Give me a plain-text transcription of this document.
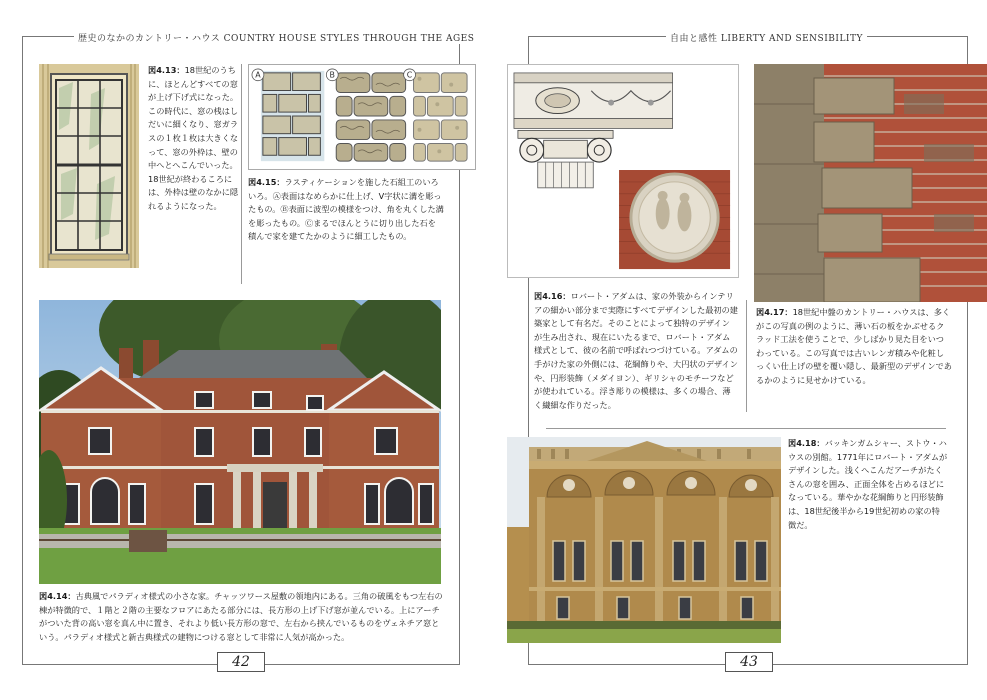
歴史のなかのカントリー・ハウス COUNTRY HOUSE STYLES THROUGH THE AGES
図4.13：18世紀のうちに、ほとんどすべての窓が上げ下げ式になった。この時代に、窓の桟はしだいに細くなり、窓ガラスの１枚１枚は大きくなって、窓の外枠は、壁の中へとへこんでいった。18世紀が終わるころには、外枠は壁のなかに隠れるようになった。
A	B	C
図4.15：ラスティケーションを施した石組工のいろいろ。Ⓐ表面はなめらかに仕上げ、V字状に溝を彫ったもの。Ⓑ表面に波型の模様をつけ、角を丸くした溝を彫ったもの。Ⓒまるでほんとうに切り出した石を積んで家を建てたかのように細工したもの。
図4.14：古典風でパラディオ様式の小さな家。チャッツワース屋敷の領地内にある。三角の破風をもつ左右の棟が特徴的で、１階と２階の主要なフロアにあたる部分には、長方形の上げ下げ窓が並んでいる。上にアーチがついた背の高い窓を真ん中に置き、それより低い長方形の窓で、左右から挟んでいるものをヴェネチア窓という。パラディオ様式と新古典様式の建物につける窓として非常に人気が高かった。
42
自由と感性 LIBERTY AND SENSIBILITY
図4.16：ロバート・アダムは、家の外装からインテリアの細かい部分まで実際にすべてデザインした最初の建築家として有名だ。そのことによって独特のデザインが生み出され、現在にいたるまで、ロバート・アダム様式として、彼の名前で呼ばれつづけている。アダムの手がけた家の外側には、花綱飾りや、大円状のデザインや、円形装飾（メダイヨン）、ギリシャのモチーフなどが使われている。浮き彫りの模様は、多くの場合、薄く繊細な作りだった。
図4.17：18世紀中盤のカントリー・ハウスは、多くがこの写真の例のように、薄い石の板をかぶせるクラッド工法を使うことで、少しばかり見た目をいつわっている。この写真では古いレンガ積みや化粧しっくい仕上げの壁を覆い隠し、最新型のデザインであるかのように見せかけている。
図4.18：バッキンガムシャー、ストウ・ハウスの別館。1771年にロバート・アダムがデザインした。浅くへこんだアーチがたくさんの窓を囲み、正面全体を占めるほどになっている。華やかな花綱飾りと円形装飾は、18世紀後半から19世紀初めの家の特徴だ。
43
